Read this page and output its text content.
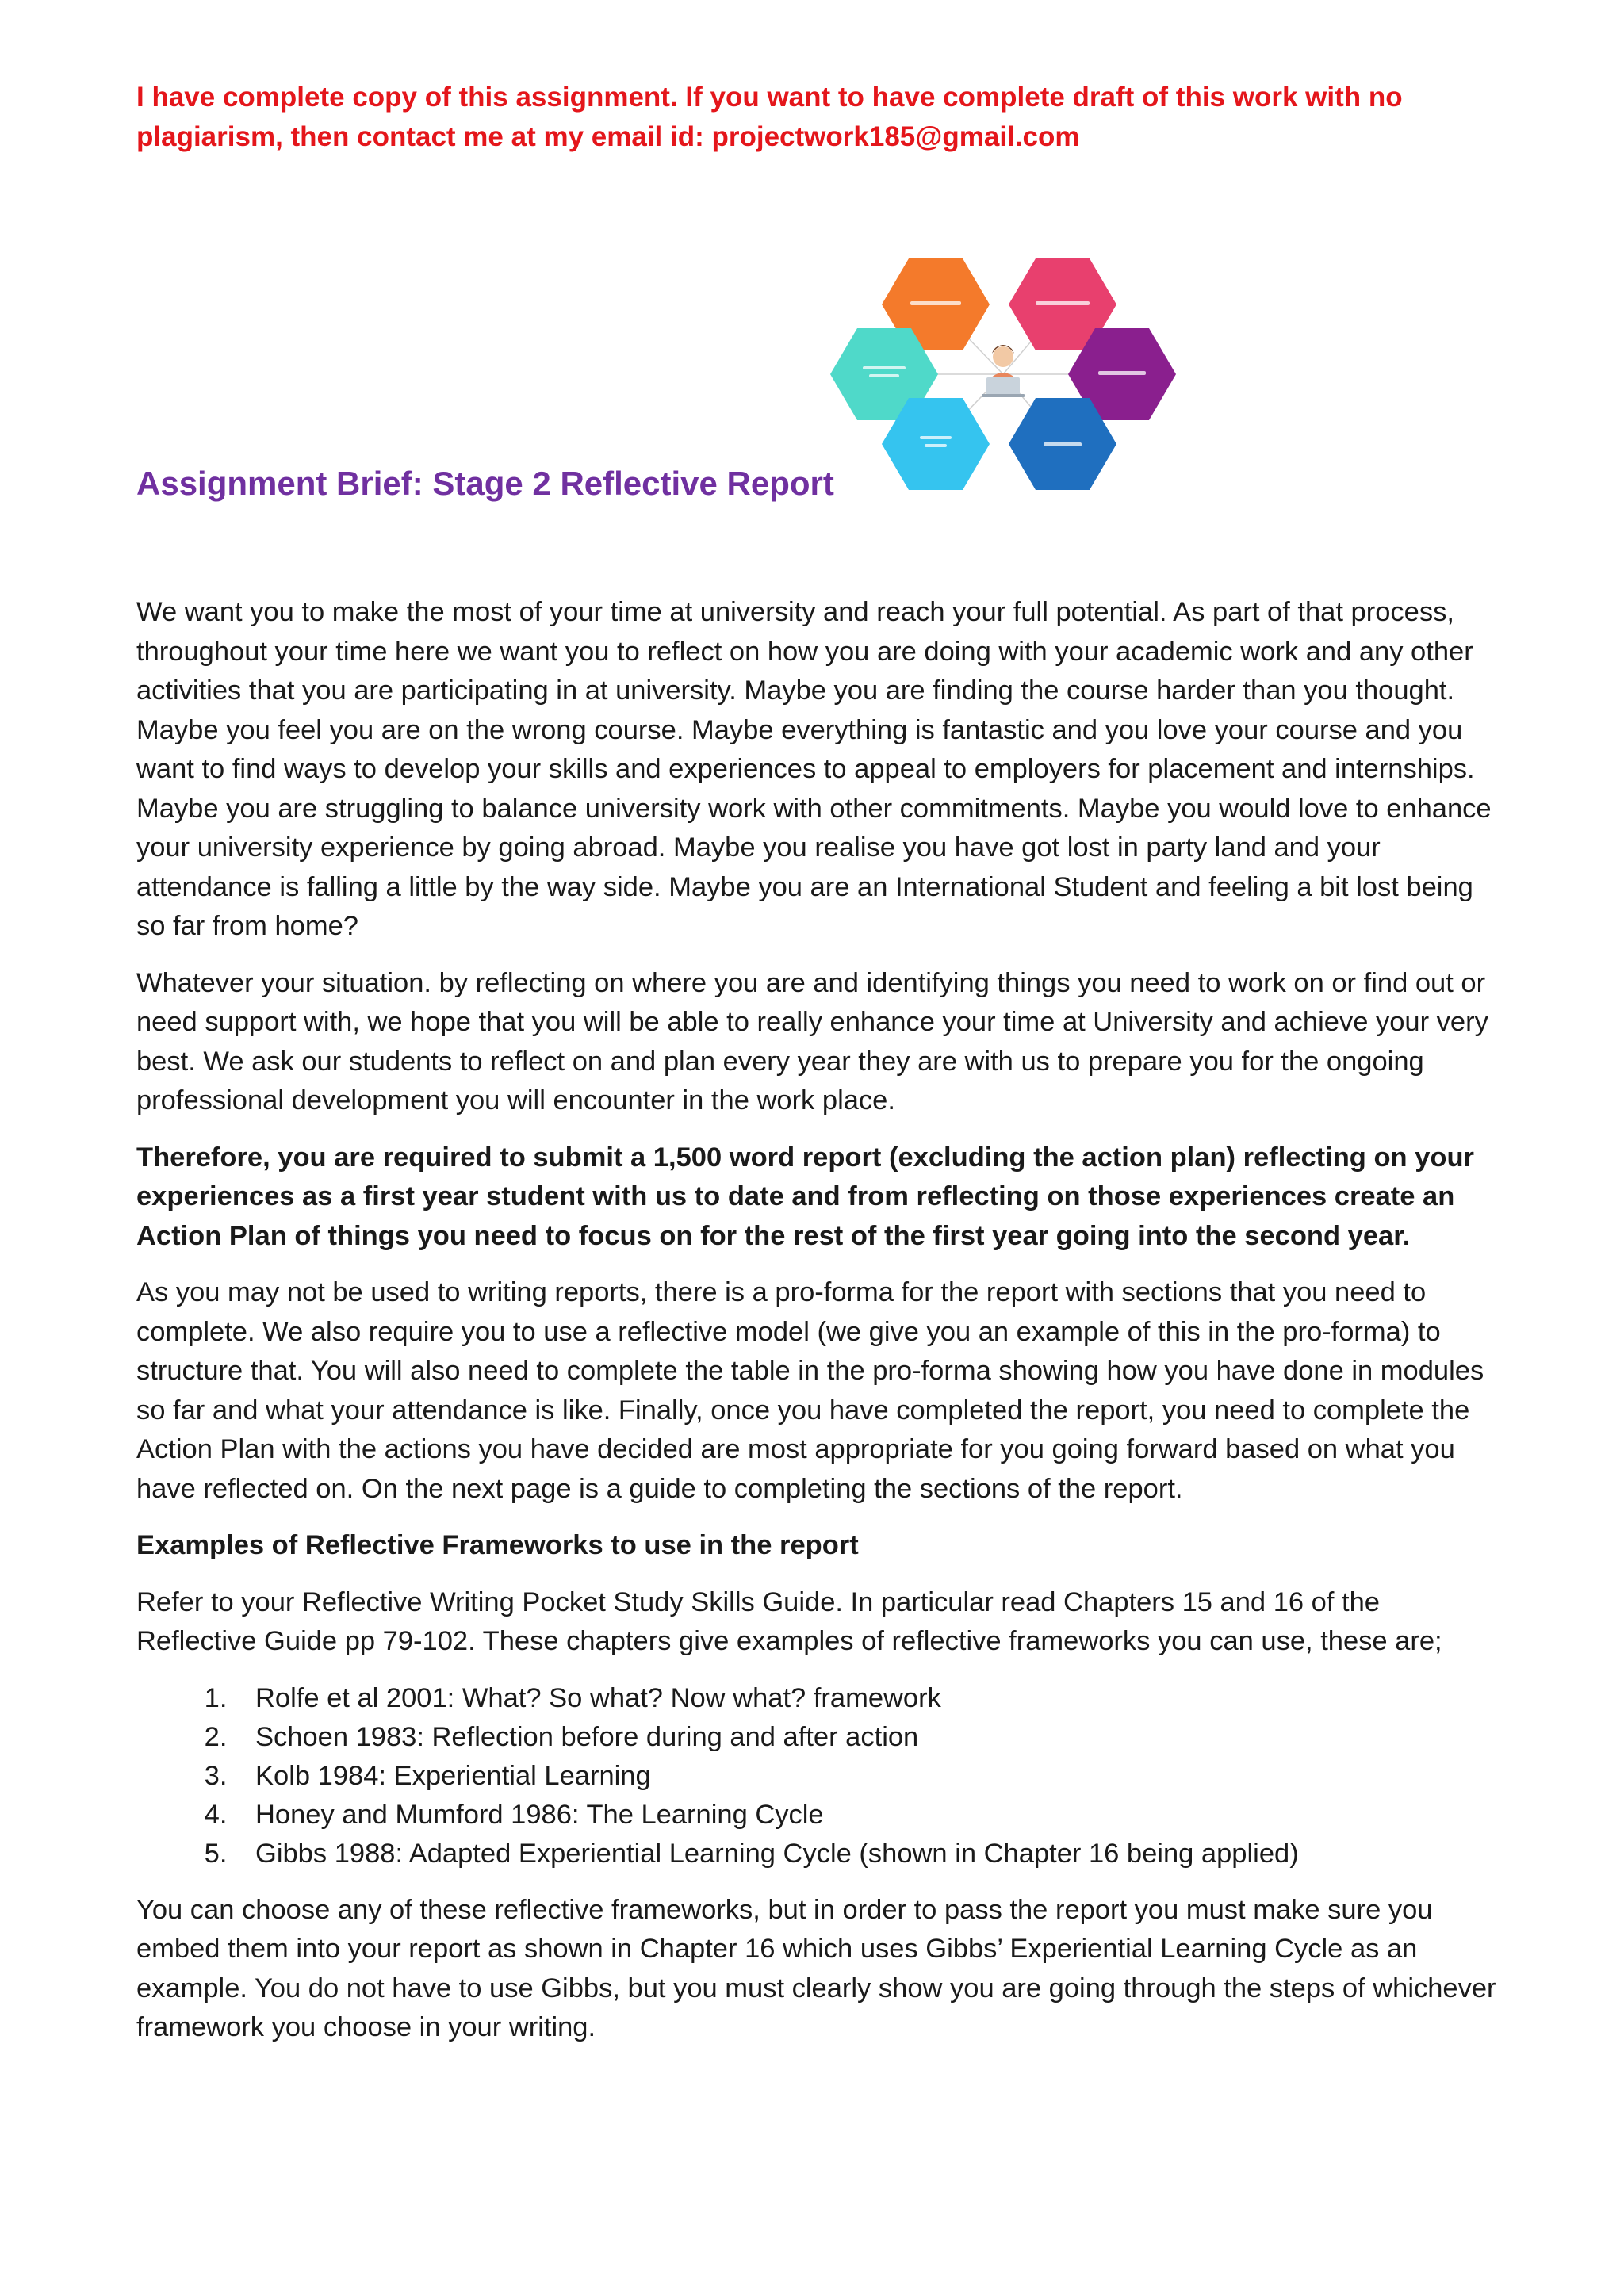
I have complete copy of this assignment. If you want to have complete draft of this work with no plagiarism, then contact me at my email id: projectwork185@gmail.com
Assignment Brief: Stage 2 Reflective Report

We want you to make the most of your time at university and reach your full potential. As part of that process, throughout your time here we want you to reflect on how you are doing with your academic work and any other activities that you are participating in at university. Maybe you are finding the course harder than you thought. Maybe you feel you are on the wrong course. Maybe everything is fantastic and you love your course and you want to find ways to develop your skills and experiences to appeal to employers for placement and internships. Maybe you are struggling to balance university work with other commitments. Maybe you would love to enhance your university experience by going abroad. Maybe you realise you have got lost in party land and your attendance is falling a little by the way side. Maybe you are an International Student and feeling a bit lost being so far from home?

Whatever your situation. by reflecting on where you are and identifying things you need to work on or find out or need support with, we hope that you will be able to really enhance your time at University and achieve your very best. We ask our students to reflect on and plan every year they are with us to prepare you for the ongoing professional development you will encounter in the work place.

Therefore, you are required to submit a 1,500 word report (excluding the action plan) reflecting on your experiences as a first year student with us to date and from reflecting on those experiences create an Action Plan of things you need to focus on for the rest of the first year going into the second year.

As you may not be used to writing reports, there is a pro-forma for the report with sections that you need to complete. We also require you to use a reflective model (we give you an example of this in the pro-forma) to structure that. You will also need to complete the table in the pro-forma showing how you have done in modules so far and what your attendance is like. Finally, once you have completed the report, you need to complete the Action Plan with the actions you have decided are most appropriate for you going forward based on what you have reflected on. On the next page is a guide to completing the sections of the report.

Examples of Reflective Frameworks to use in the report

Refer to your Reflective Writing Pocket Study Skills Guide. In particular read Chapters 15 and 16 of the Reflective Guide pp 79-102. These chapters give examples of reflective frameworks you can use, these are;

1. Rolfe et al 2001: What? So what? Now what? framework
2. Schoen 1983: Reflection before during and after action
3. Kolb 1984: Experiential Learning
4. Honey and Mumford 1986: The Learning Cycle
5. Gibbs 1988: Adapted Experiential Learning Cycle (shown in Chapter 16 being applied)

You can choose any of these reflective frameworks, but in order to pass the report you must make sure you embed them into your report as shown in Chapter 16 which uses Gibbs’ Experiential Learning Cycle as an example. You do not have to use Gibbs, but you must clearly show you are going through the steps of whichever framework you choose in your writing.
